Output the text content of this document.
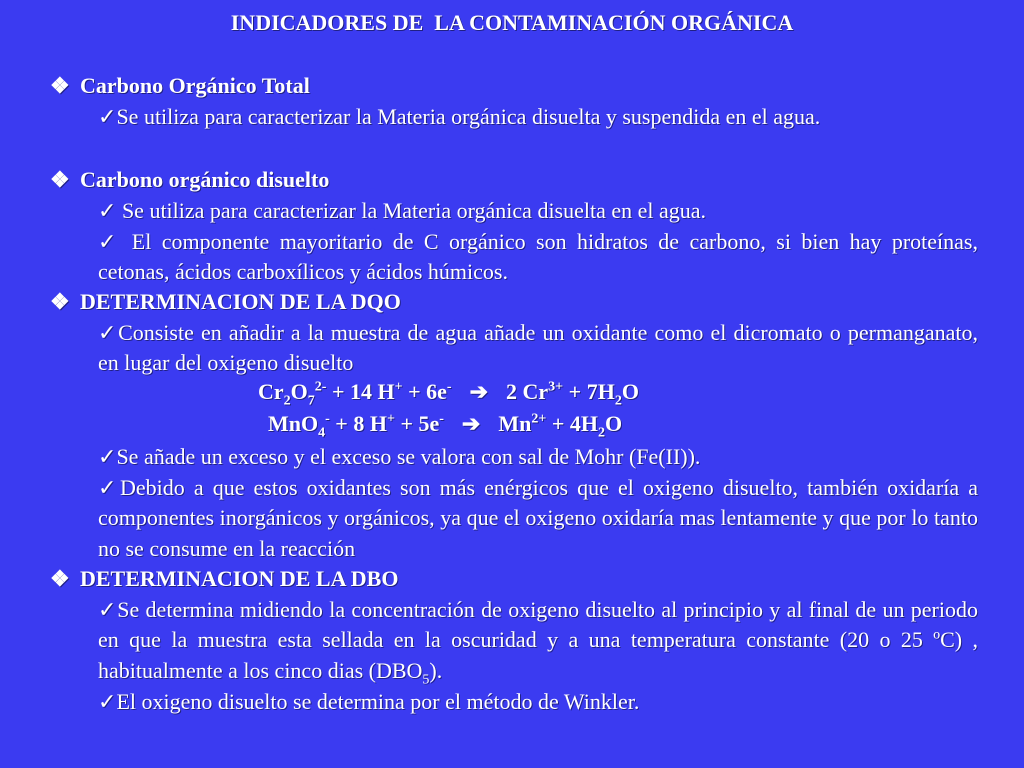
INDICADORES DE  LA CONTAMINACIÓN ORGÁNICA
❖ Carbono Orgánico Total
✓Se utiliza para caracterizar la Materia orgánica disuelta y suspendida en el agua.
❖ Carbono orgánico disuelto
✓ Se utiliza para caracterizar la Materia orgánica disuelta en el agua.
✓ El componente mayoritario de C orgánico son hidratos de carbono, si bien hay proteínas, cetonas, ácidos carboxílicos y ácidos húmicos.
❖ DETERMINACION DE LA DQO
✓Consiste en añadir a la muestra de agua añade un oxidante como el dicromato o permanganato, en lugar del oxigeno disuelto
$Cr_2O_7^{2-} + 14$ H+ + 6e- ➔ 2 $Cr^{3+} + 7H_2O$
MnO$_4$- + 8 H+ + 5e- ➔ $Mn^{2+} + 4H_2O$
✓Se añade un exceso y el exceso se valora con sal de Mohr (Fe(II)).
✓Debido a que estos oxidantes son más enérgicos que el oxigeno disuelto, también oxidaría a componentes inorgánicos y orgánicos, ya que el oxigeno oxidaría mas lentamente y que por lo tanto no se consume en la reacción
❖ DETERMINACION DE LA DBO
✓Se determina midiendo la concentración de oxigeno disuelto al principio y al final de un periodo en que la muestra esta sellada en la oscuridad y a una temperatura constante (20 o 25 ºC) , habitualmente a los cinco dias $(DBO_5)$.
✓El oxigeno disuelto se determina por el método de Winkler.
